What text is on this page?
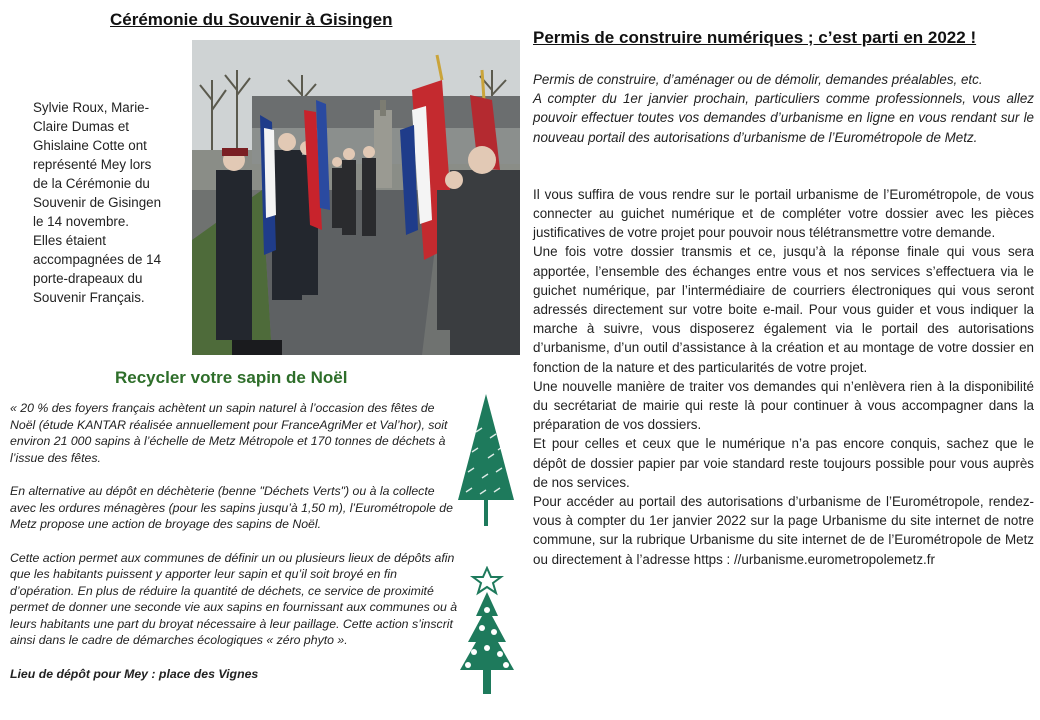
Cérémonie du Souvenir à Gisingen
Sylvie Roux, Marie-
Claire Dumas et
Ghislaine Cotte ont
représenté Mey lors
de la Cérémonie du
Souvenir de Gisingen
le 14 novembre.
Elles étaient
accompagnées de 14
porte-drapeaux du
Souvenir Français.
Permis de construire numériques ; c’est parti en 2022 !

Permis de construire, d’aménager ou de démolir, demandes préalables, etc.

A compter du 1er janvier prochain, particuliers comme professionnels, vous allez pouvoir effectuer toutes vos demandes d’urbanisme en ligne en vous rendant sur le nouveau portail des autorisations d’urbanisme de l’Eurométropole de Metz.

Il vous suffira de vous rendre sur le portail urbanisme de l’Eurométropole, de vous connecter au guichet numérique et de compléter votre dossier avec les pièces justificatives de votre projet pour pouvoir nous télétransmettre votre demande.

Une fois votre dossier transmis et ce, jusqu’à la réponse finale qui vous sera apportée, l’ensemble des échanges entre vous et nos services s’effectuera via le guichet numérique, par l’intermédiaire de courriers électroniques qui vous seront adressés directement sur votre boite e-mail. Pour vous guider et vous indiquer la marche à suivre, vous disposerez également via le portail des autorisations d’urbanisme, d’un outil d’assistance à la création et au montage de votre dossier en fonction de la nature et des particularités de votre projet.

Une nouvelle manière de traiter vos demandes qui n’enlèvera rien à la disponibilité du secrétariat de mairie qui reste là pour continuer à vous accompagner dans la préparation de vos dossiers.

Et pour celles et ceux que le numérique n’a pas encore conquis, sachez que le dépôt de dossier papier par voie standard reste toujours possible pour vous auprès de nos services.

Pour accéder au portail des autorisations d’urbanisme de l’Eurométropole, rendez-vous à compter du 1er janvier 2022 sur la page Urbanisme du site internet de notre commune, sur la rubrique Urbanisme du site internet de de l’Eurométropole de Metz ou directement à l’adresse https : //urbanisme.eurometropolemetz.fr

Recycler votre sapin de Noël

« 20 % des foyers français achètent un sapin naturel à l’occasion des fêtes de Noël (étude KANTAR réalisée annuellement pour FranceAgriMer et Val’hor), soit environ 21 000 sapins à l’échelle de Metz Métropole et 170 tonnes de déchets à l’issue des fêtes.

En alternative au dépôt en déchèterie (benne "Déchets Verts") ou à la collecte avec les ordures ménagères (pour les sapins jusqu’à 1,50 m), l’Eurométropole de Metz propose une action de broyage des sapins de Noël.

Cette action permet aux communes de définir un ou plusieurs lieux de dépôts afin que les habitants puissent y apporter leur sapin et qu’il soit broyé en fin d’opération. En plus de réduire la quantité de déchets, ce service de proximité permet de donner une seconde vie aux sapins en fournissant aux communes ou à leurs habitants une part du broyat nécessaire à leur paillage. Cette action s’inscrit ainsi dans le cadre de démarches écologiques « zéro phyto ».

Lieu de dépôt pour Mey : place des Vignes
